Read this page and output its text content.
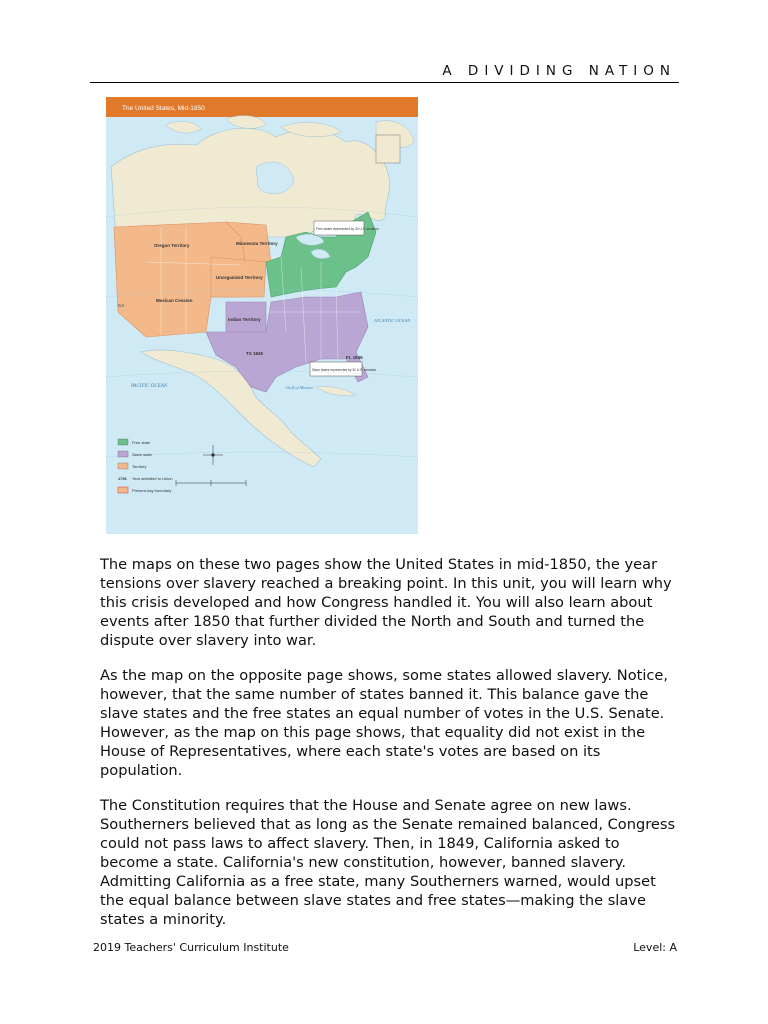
A DIVIDING NATION
The United States, Mid-1850
Oregon Territory	Minnesota Territory
Unorganized Territory
Mexican Cession
Indian Territory
CA
TX 1845
FL 1845
ATLANTIC OCEAN
PACIFIC OCEAN	Gulf of Mexico
Free states represented by 30 U.S. senators
Slave states represented by 30 U.S. senators
Free state
Slave state
Territory
1791 Year admitted to Union
Present-day boundary

The maps on these two pages show the United States in mid-1850, the year tensions over slavery reached a breaking point. In this unit, you will learn why this crisis developed and how Congress handled it. You will also learn about events after 1850 that further divided the North and South and turned the dispute over slavery into war.

As the map on the opposite page shows, some states allowed slavery. Notice, however, that the same number of states banned it. This balance gave the slave states and the free states an equal number of votes in the U.S. Senate. However, as the map on this page shows, that equality did not exist in the House of Representatives, where each state's votes are based on its population.

The Constitution requires that the House and Senate agree on new laws. Southerners believed that as long as the Senate remained balanced, Congress could not pass laws to affect slavery. Then, in 1849, California asked to become a state. California's new constitution, however, banned slavery. Admitting California as a free state, many Southerners warned, would upset the equal balance between slave states and free states—making the slave states a minority.

2019 Teachers' Curriculum Institute	Level: A
